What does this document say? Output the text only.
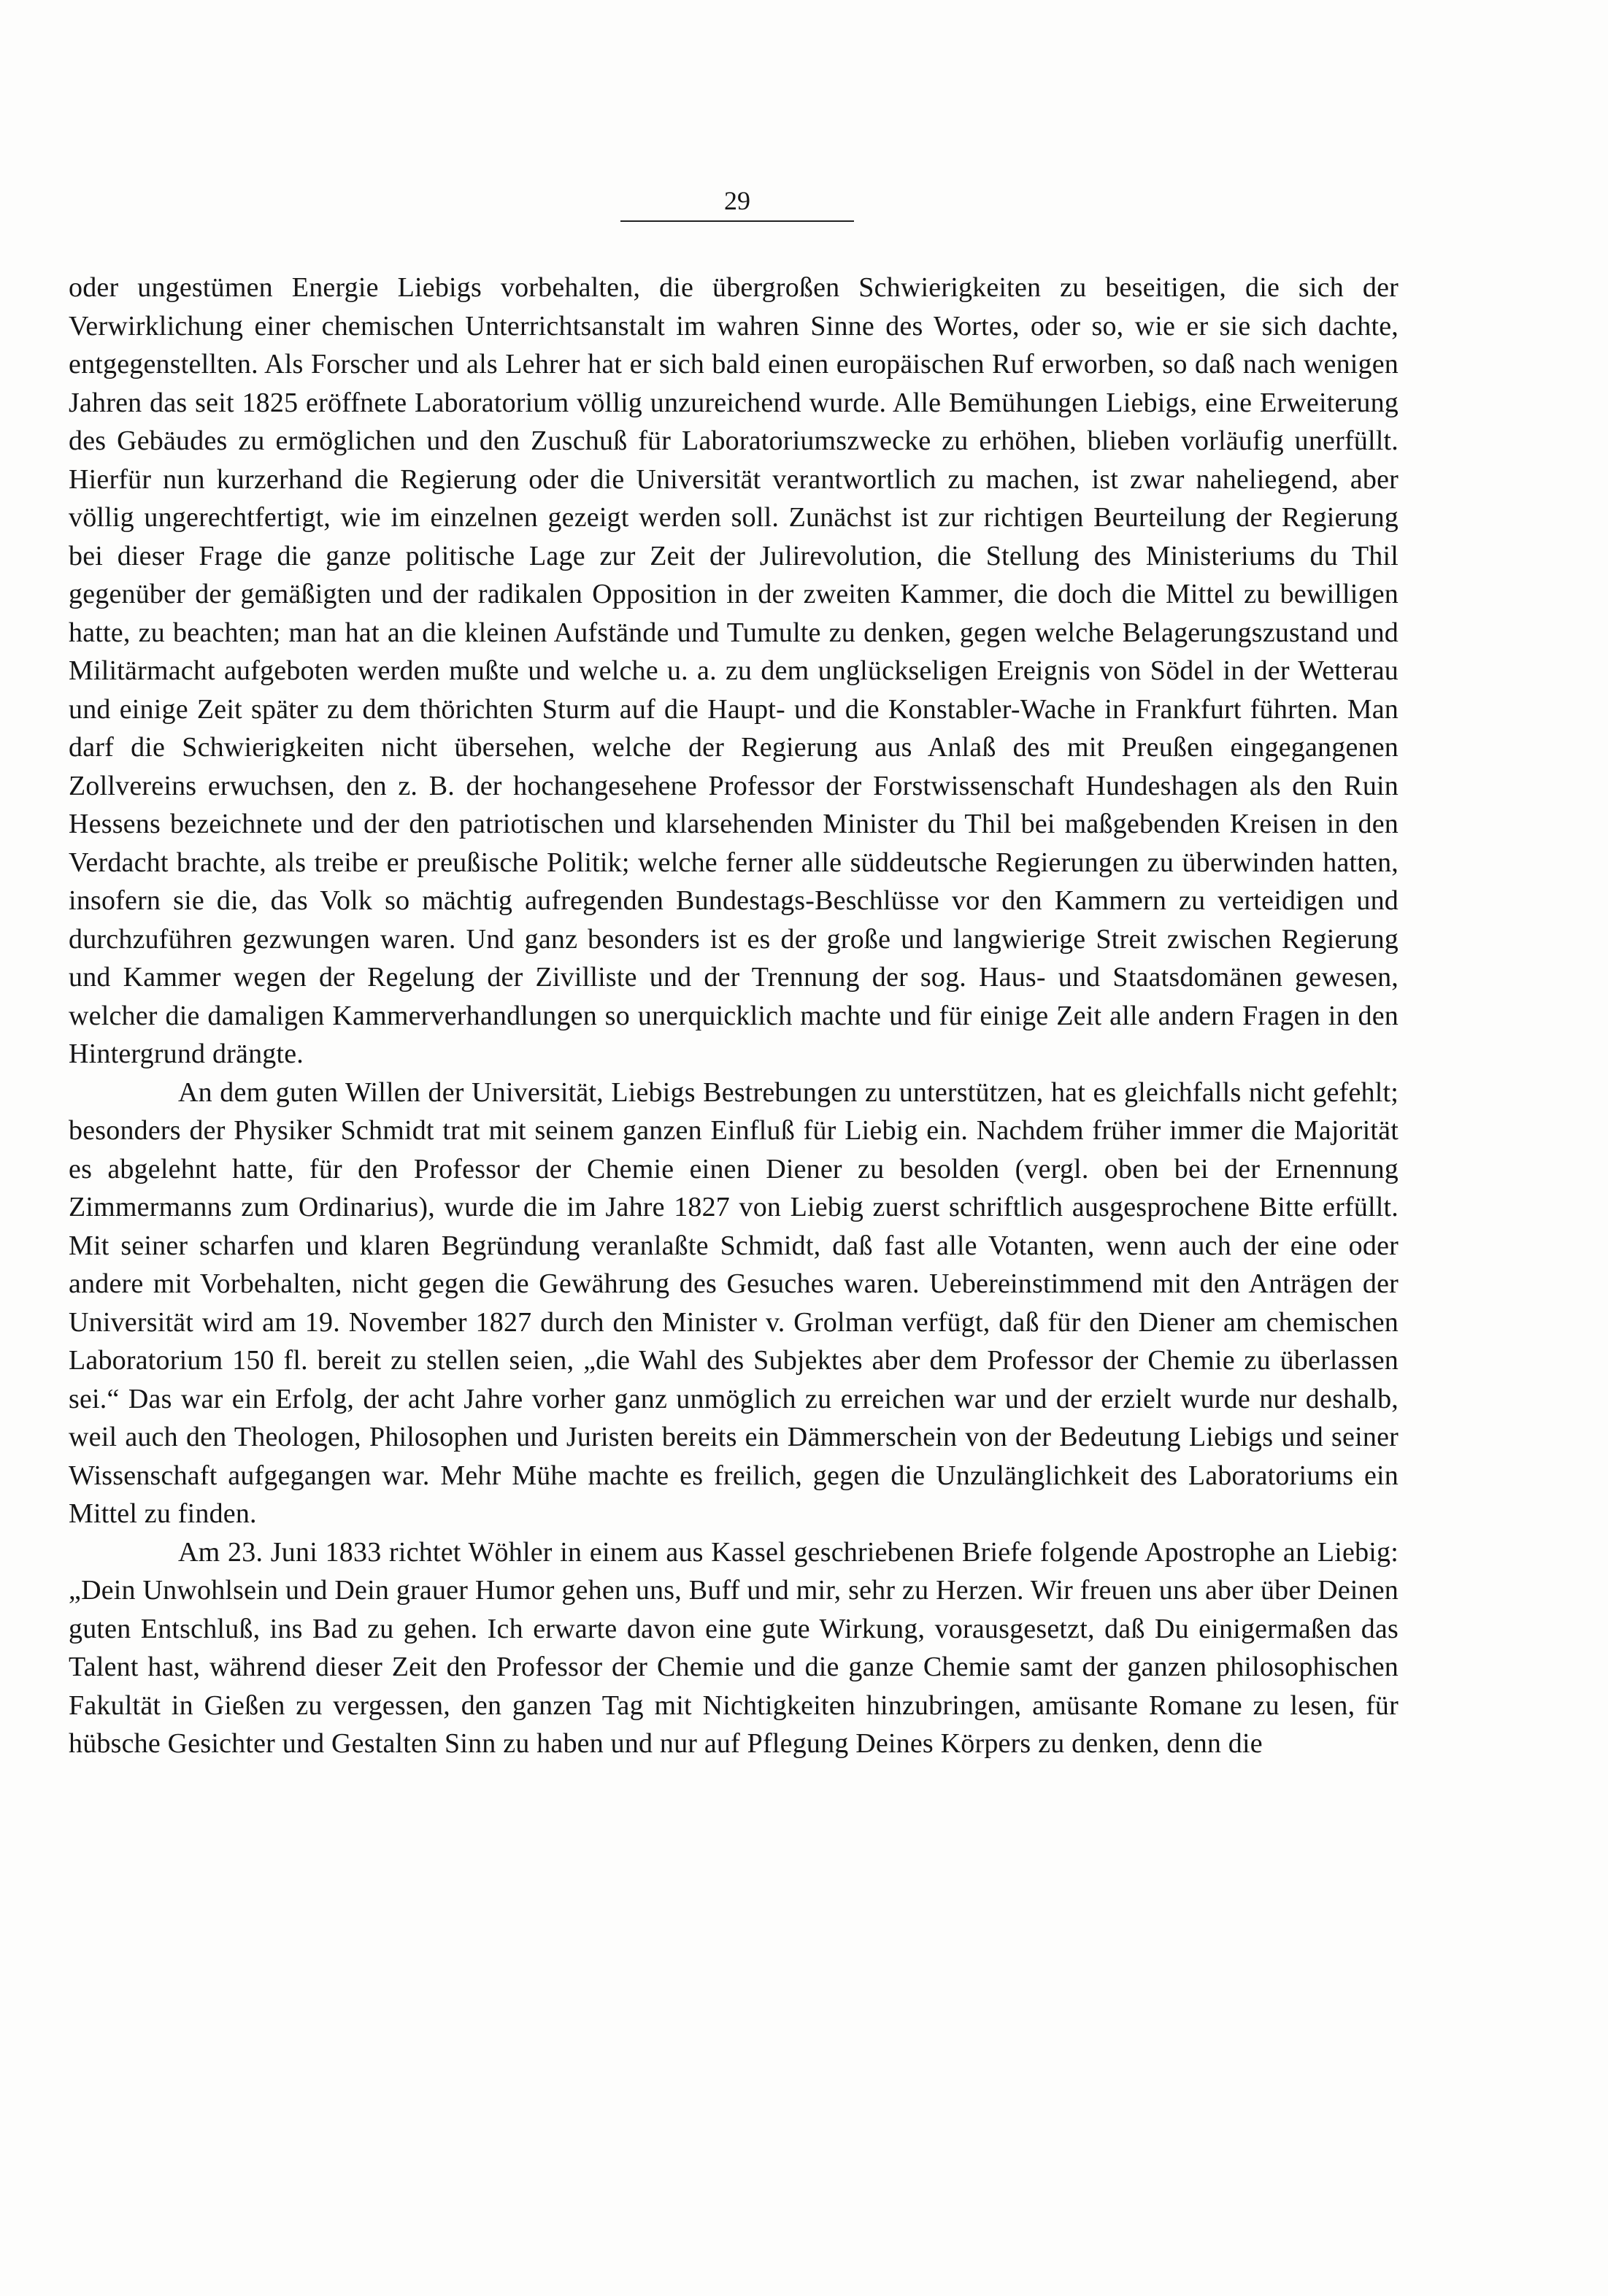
29

oder ungestümen Energie Liebigs vorbehalten, die übergroßen Schwierigkeiten zu beseitigen, die sich der Verwirklichung einer chemischen Unterrichtsanstalt im wahren Sinne des Wortes, oder so, wie er sie sich dachte, entgegenstellten. Als Forscher und als Lehrer hat er sich bald einen europäischen Ruf erworben, so daß nach wenigen Jahren das seit 1825 eröffnete Laboratorium völlig unzureichend wurde. Alle Bemühungen Liebigs, eine Erweiterung des Gebäudes zu ermöglichen und den Zuschuß für Laboratoriumszwecke zu erhöhen, blieben vorläufig unerfüllt. Hierfür nun kurzerhand die Regierung oder die Universität verantwortlich zu machen, ist zwar naheliegend, aber völlig ungerechtfertigt, wie im einzelnen gezeigt werden soll. Zunächst ist zur richtigen Beurteilung der Regierung bei dieser Frage die ganze politische Lage zur Zeit der Julirevolution, die Stellung des Ministeriums du Thil gegenüber der gemäßigten und der radikalen Opposition in der zweiten Kammer, die doch die Mittel zu bewilligen hatte, zu beachten; man hat an die kleinen Aufstände und Tumulte zu denken, gegen welche Belagerungszustand und Militärmacht aufgeboten werden mußte und welche u. a. zu dem unglückseligen Ereignis von Södel in der Wetterau und einige Zeit später zu dem thörichten Sturm auf die Haupt- und die Konstabler-Wache in Frankfurt führten. Man darf die Schwierigkeiten nicht übersehen, welche der Regierung aus Anlaß des mit Preußen eingegangenen Zollvereins erwuchsen, den z. B. der hochangesehene Professor der Forstwissenschaft Hundeshagen als den Ruin Hessens bezeichnete und der den patriotischen und klarsehenden Minister du Thil bei maßgebenden Kreisen in den Verdacht brachte, als treibe er preußische Politik; welche ferner alle süddeutsche Regierungen zu überwinden hatten, insofern sie die, das Volk so mächtig aufregenden Bundestags-Beschlüsse vor den Kammern zu verteidigen und durchzuführen gezwungen waren. Und ganz besonders ist es der große und langwierige Streit zwischen Regierung und Kammer wegen der Regelung der Zivilliste und der Trennung der sog. Haus- und Staatsdomänen gewesen, welcher die damaligen Kammerverhandlungen so unerquicklich machte und für einige Zeit alle andern Fragen in den Hintergrund drängte.

An dem guten Willen der Universität, Liebigs Bestrebungen zu unterstützen, hat es gleichfalls nicht gefehlt; besonders der Physiker Schmidt trat mit seinem ganzen Einfluß für Liebig ein. Nachdem früher immer die Majorität es abgelehnt hatte, für den Professor der Chemie einen Diener zu besolden (vergl. oben bei der Ernennung Zimmermanns zum Ordinarius), wurde die im Jahre 1827 von Liebig zuerst schriftlich ausgesprochene Bitte erfüllt. Mit seiner scharfen und klaren Begründung veranlaßte Schmidt, daß fast alle Votanten, wenn auch der eine oder andere mit Vorbehalten, nicht gegen die Gewährung des Gesuches waren. Uebereinstimmend mit den Anträgen der Universität wird am 19. November 1827 durch den Minister v. Grolman verfügt, daß für den Diener am chemischen Laboratorium 150 fl. bereit zu stellen seien, „die Wahl des Subjektes aber dem Professor der Chemie zu überlassen sei.“ Das war ein Erfolg, der acht Jahre vorher ganz unmöglich zu erreichen war und der erzielt wurde nur deshalb, weil auch den Theologen, Philosophen und Juristen bereits ein Dämmerschein von der Bedeutung Liebigs und seiner Wissenschaft aufgegangen war. Mehr Mühe machte es freilich, gegen die Unzulänglichkeit des Laboratoriums ein Mittel zu finden.

Am 23. Juni 1833 richtet Wöhler in einem aus Kassel geschriebenen Briefe folgende Apostrophe an Liebig: „Dein Unwohlsein und Dein grauer Humor gehen uns, Buff und mir, sehr zu Herzen. Wir freuen uns aber über Deinen guten Entschluß, ins Bad zu gehen. Ich erwarte davon eine gute Wirkung, vorausgesetzt, daß Du einigermaßen das Talent hast, während dieser Zeit den Professor der Chemie und die ganze Chemie samt der ganzen philosophischen Fakultät in Gießen zu vergessen, den ganzen Tag mit Nichtigkeiten hinzubringen, amüsante Romane zu lesen, für hübsche Gesichter und Gestalten Sinn zu haben und nur auf Pflegung Deines Körpers zu denken, denn die
